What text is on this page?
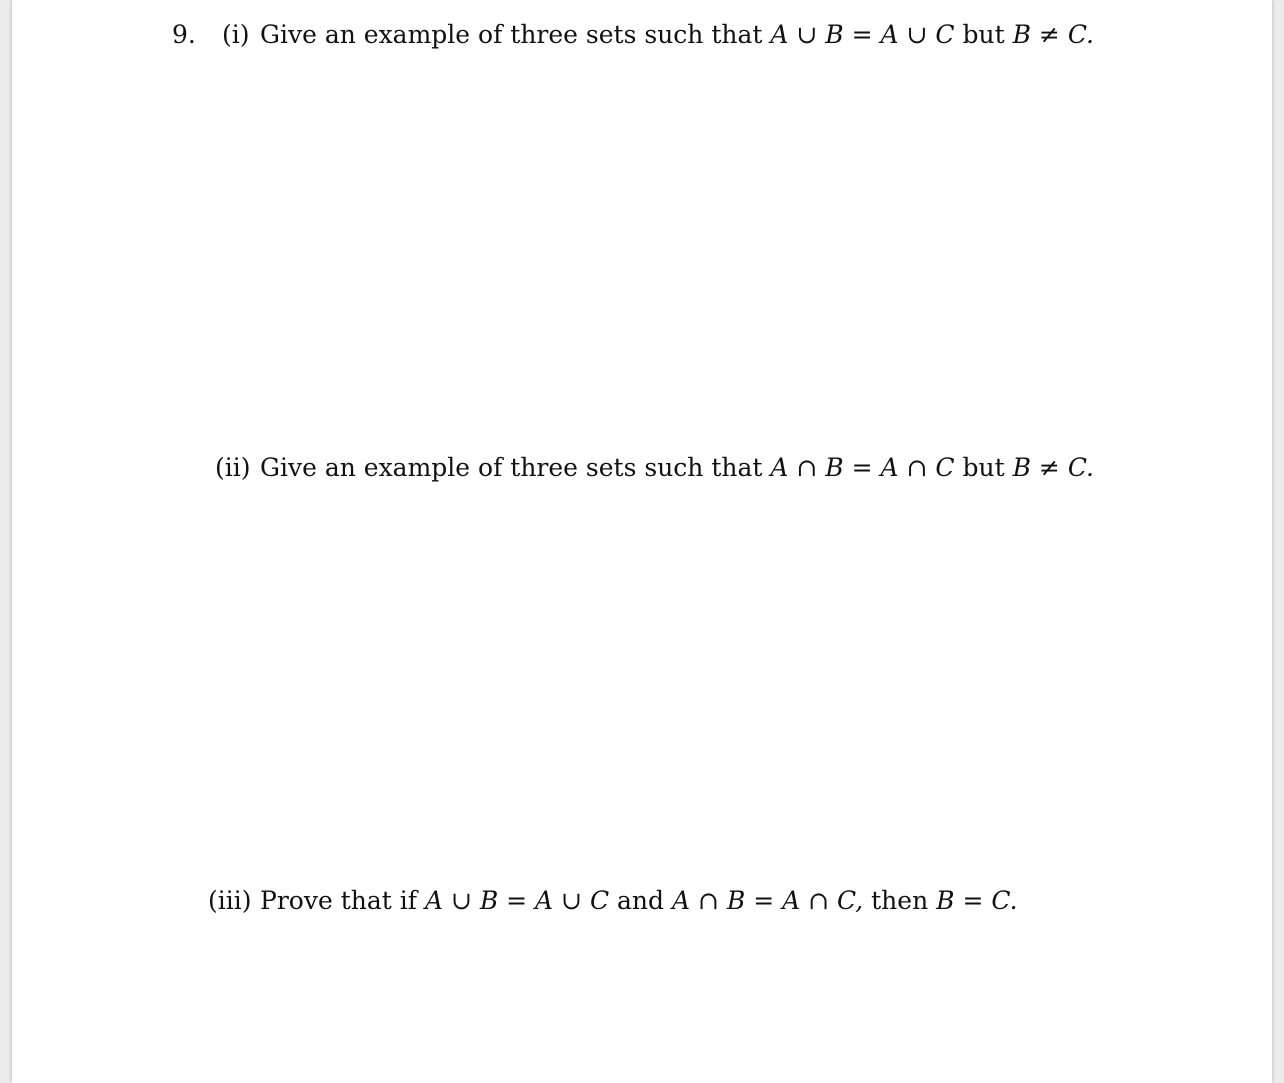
9. (i) Give an example of three sets such that A ∪ B = A ∪ C but B ≠ C.
(ii) Give an example of three sets such that A ∩ B = A ∩ C but B ≠ C.
(iii) Prove that if A ∪ B = A ∪ C and A ∩ B = A ∩ C, then B = C.
